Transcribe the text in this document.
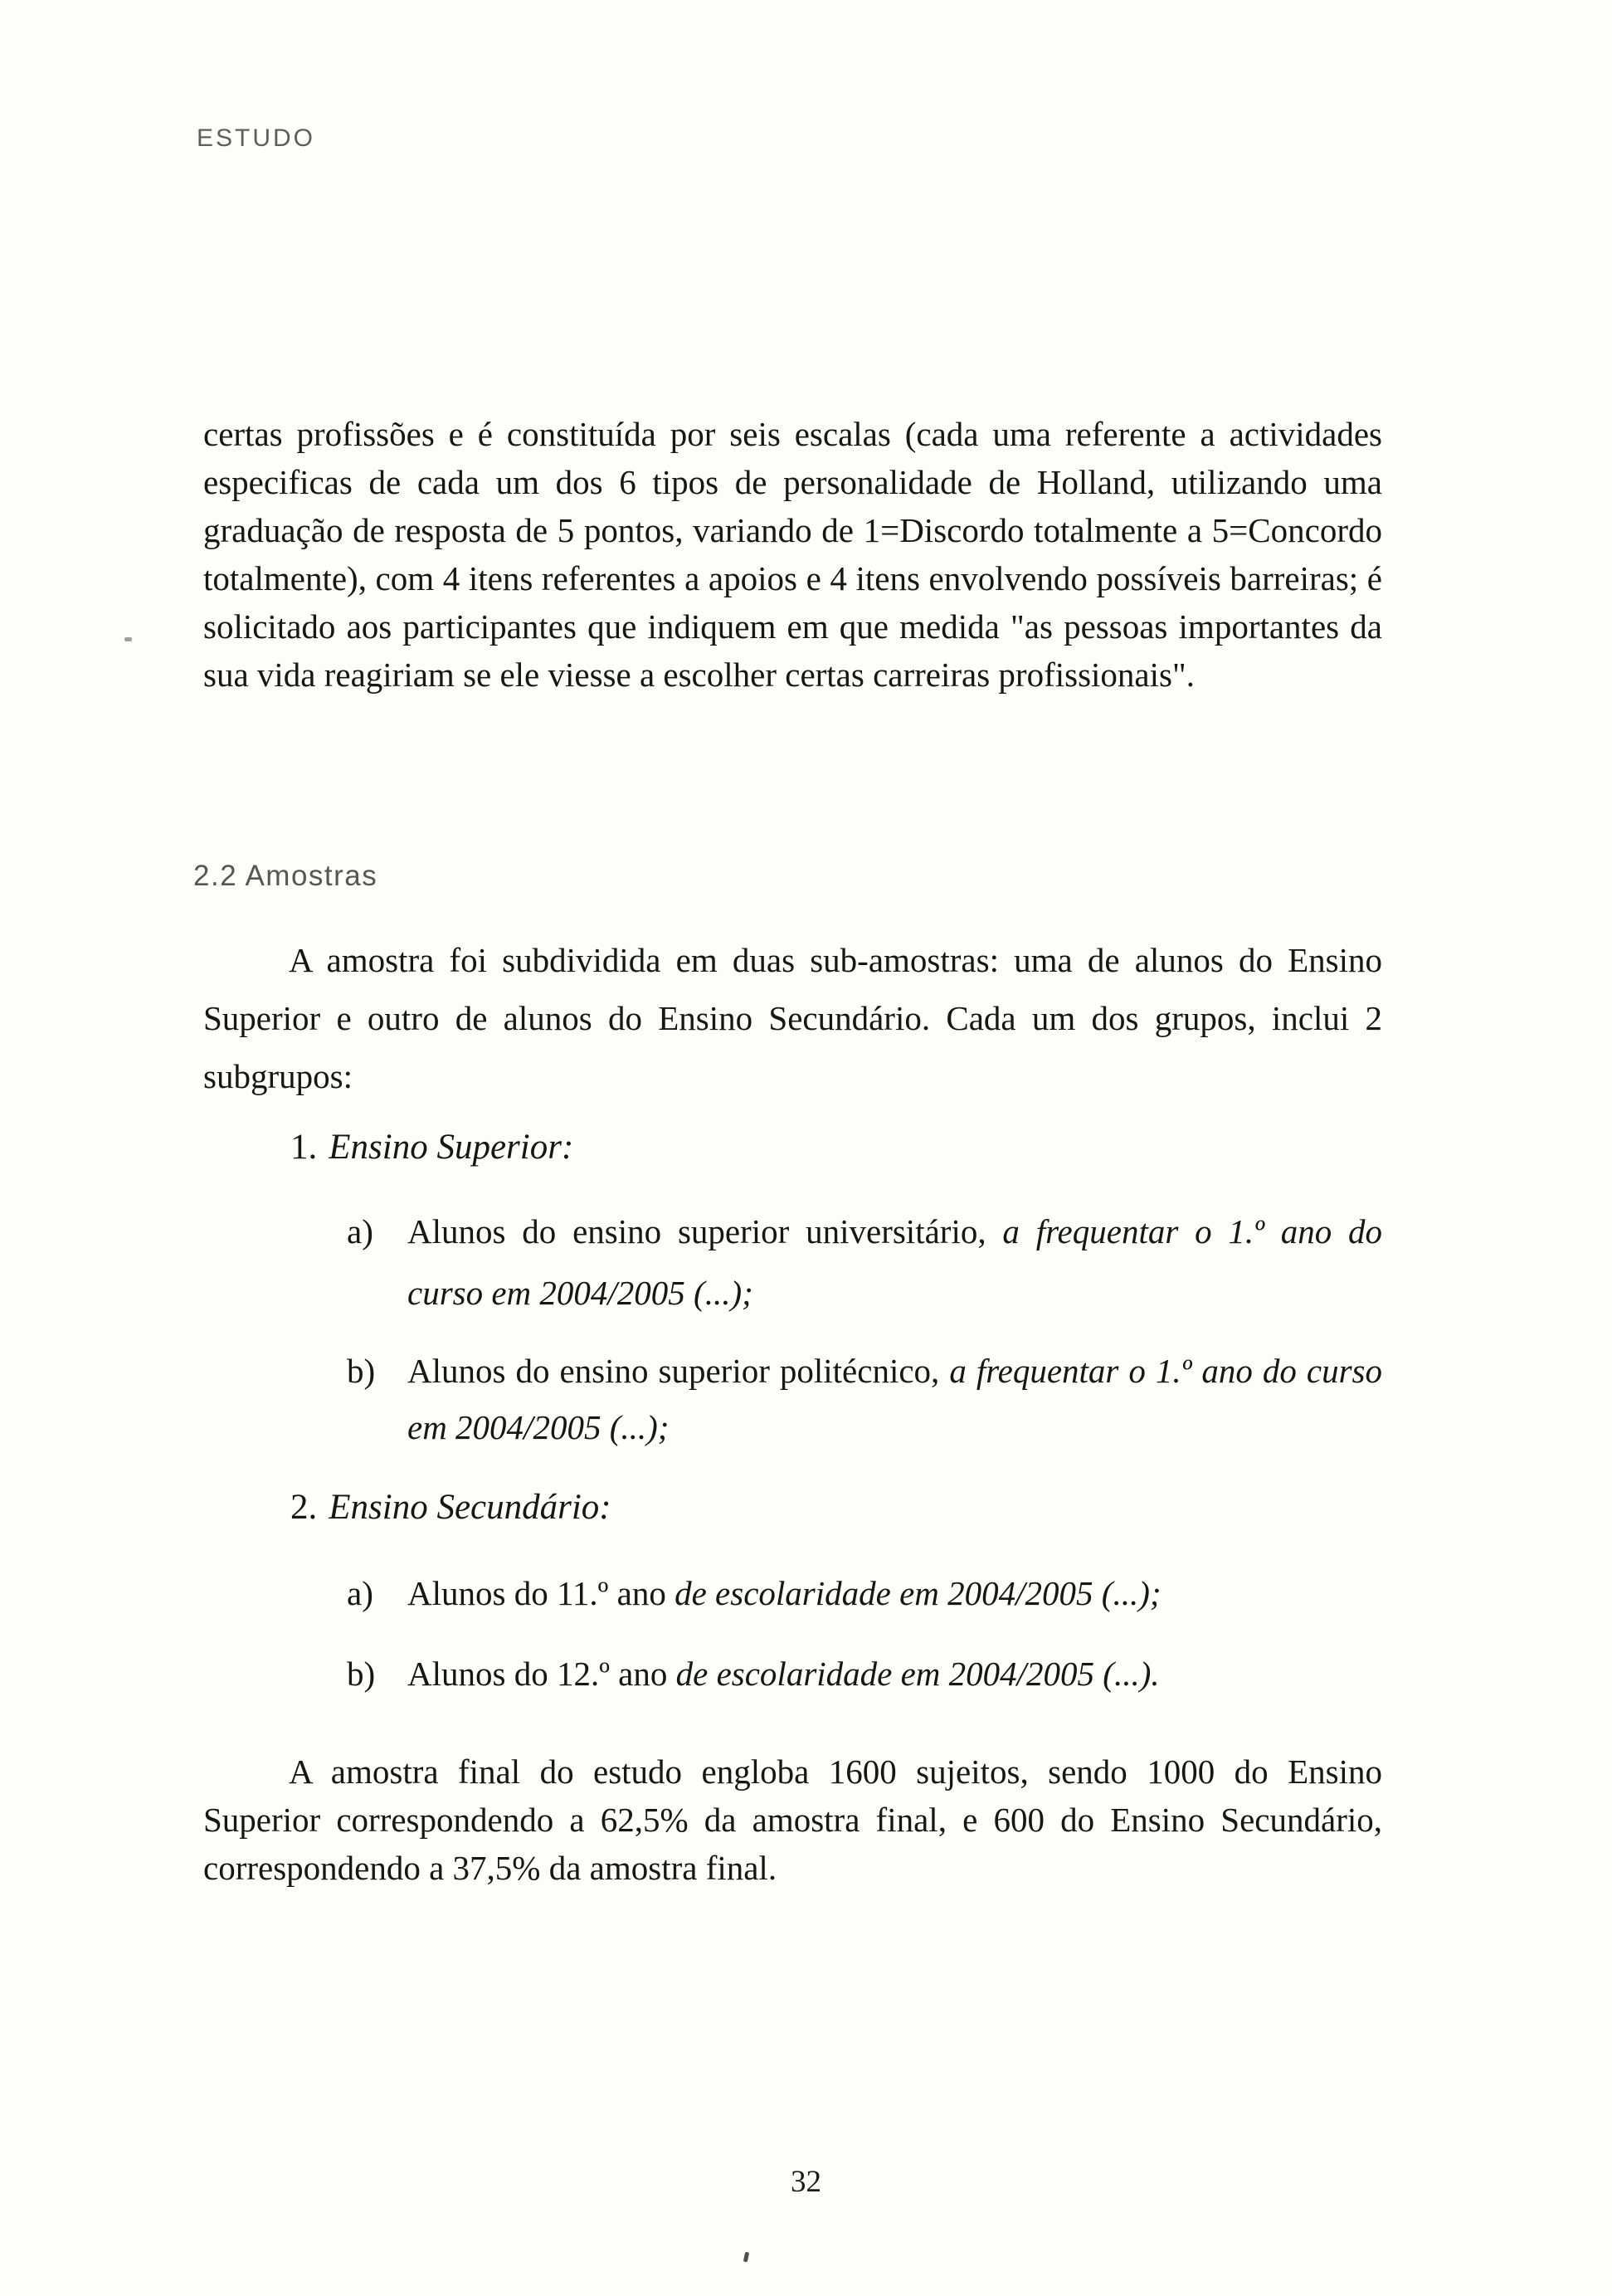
ESTUDO

certas profissões e é constituída por seis escalas (cada uma referente a actividades especificas de cada um dos 6 tipos de personalidade de Holland, utilizando uma graduação de resposta de 5 pontos, variando de 1=Discordo totalmente a 5=Concordo totalmente), com 4 itens referentes a apoios e 4 itens envolvendo possíveis barreiras; é solicitado aos participantes que indiquem em que medida "as pessoas importantes da sua vida reagiriam se ele viesse a escolher certas carreiras profissionais".

2.2 Amostras

A amostra foi subdividida em duas sub-amostras: uma de alunos do Ensino Superior e outro de alunos do Ensino Secundário. Cada um dos grupos, inclui 2 subgrupos:

1. Ensino Superior:
a) Alunos do ensino superior universitário, a frequentar o 1.º ano do curso em 2004/2005 (...);
b) Alunos do ensino superior politécnico, a frequentar o 1.º ano do curso em 2004/2005 (...);
2. Ensino Secundário:
a) Alunos do 11.º ano de escolaridade em 2004/2005 (...);
b) Alunos do 12.º ano de escolaridade em 2004/2005 (...).

A amostra final do estudo engloba 1600 sujeitos, sendo 1000 do Ensino Superior correspondendo a 62,5% da amostra final, e 600 do Ensino Secundário, correspondendo a 37,5% da amostra final.

32
